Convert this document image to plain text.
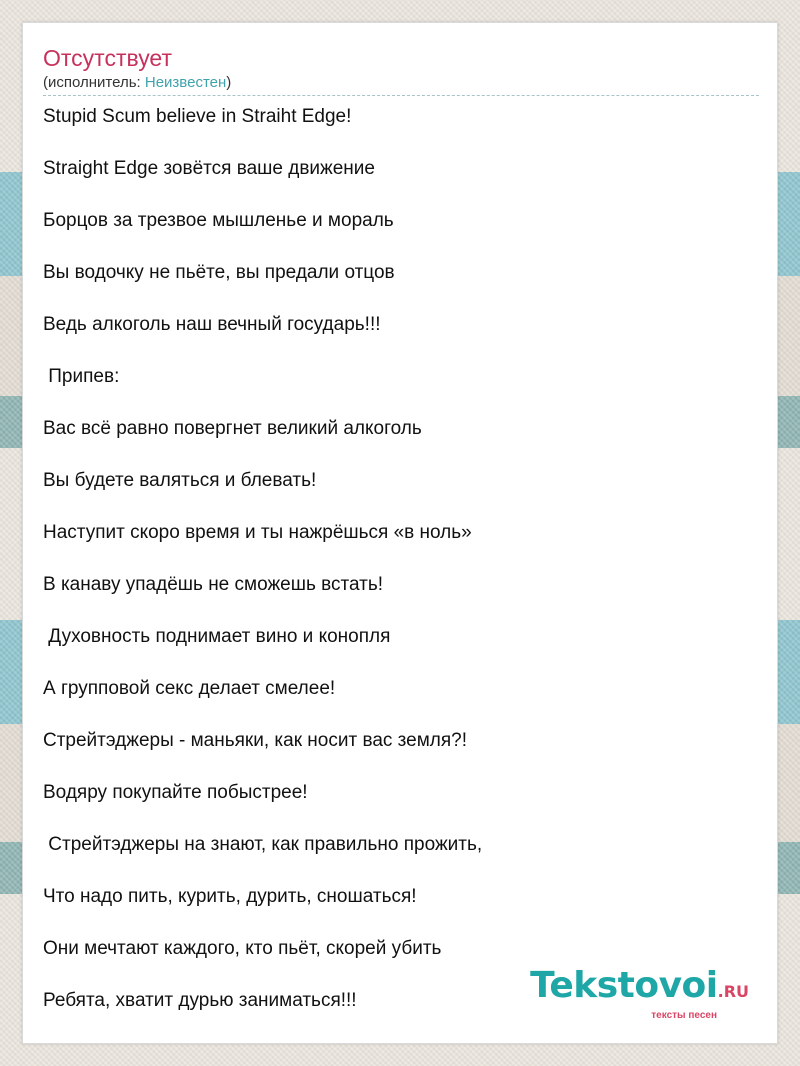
Отсутствует
(исполнитель: Неизвестен)
Stupid Scum believe in Straiht Edge!
Straight Edge зовётся ваше движение
Борцов за трезвое мышленье и мораль
Вы водочку не пьёте, вы предали отцов
Ведь алкоголь наш вечный государь!!!
Припев:
Вас всё равно повергнет великий алкоголь
Вы будете валяться и блевать!
Наступит скоро время и ты нажрёшься «в ноль»
В канаву упадёшь не сможешь встать!
Духовность поднимает вино и конопля
А групповой секс делает смелее!
Стрейтэджеры - маньяки, как носит вас земля?!
Водяру покупайте побыстрее!
Стрейтэджеры на знают, как правильно прожить,
Что надо пить, курить, дурить, сношаться!
Они мечтают каждого, кто пьёт, скорей убить
Ребята, хватит дурью заниматься!!!	Tekstovoi.RU
тексты песен
